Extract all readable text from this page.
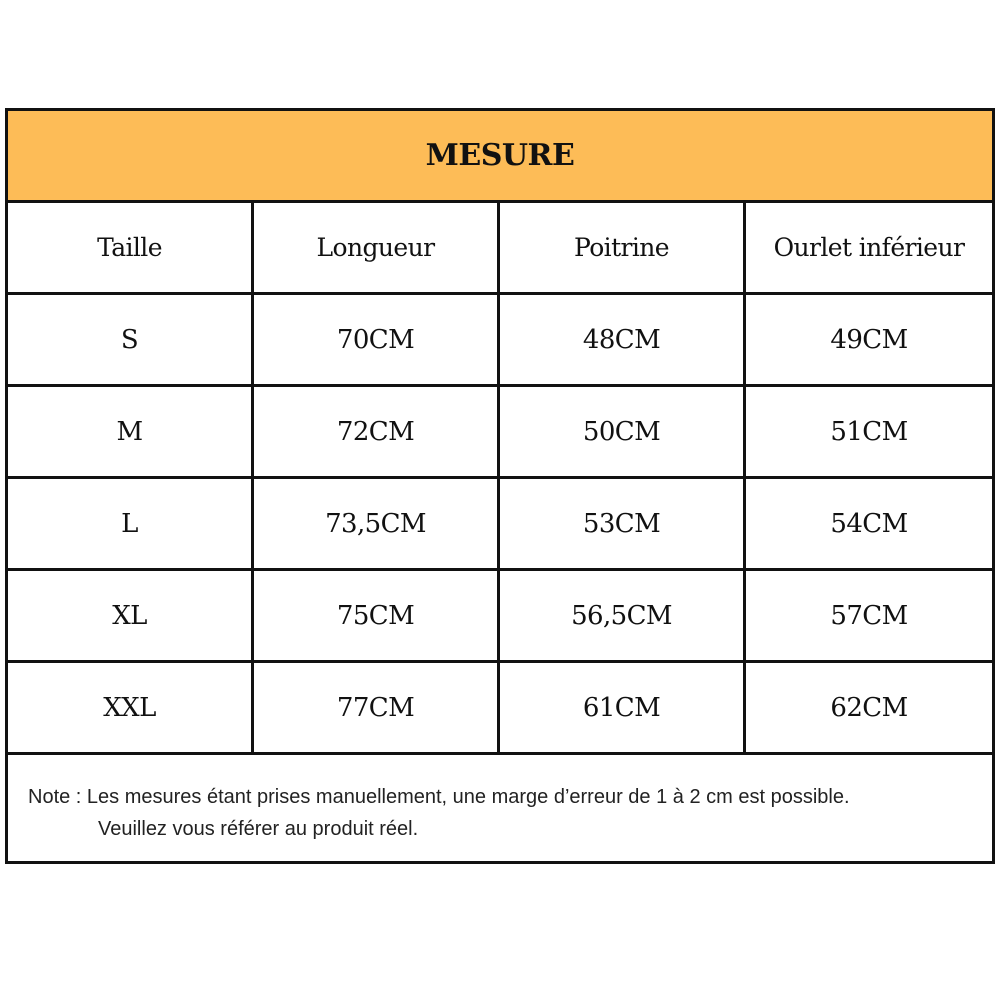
MESURE
Taille	Longueur	Poitrine	Ourlet inférieur
S	70CM	48CM	49CM
M	72CM	50CM	51CM
L	73,5CM	53CM	54CM
XL	75CM	56,5CM	57CM
XXL	77CM	61CM	62CM
Note : Les mesures étant prises manuellement, une marge d’erreur de 1 à 2 cm est possible.
Veuillez vous référer au produit réel.
